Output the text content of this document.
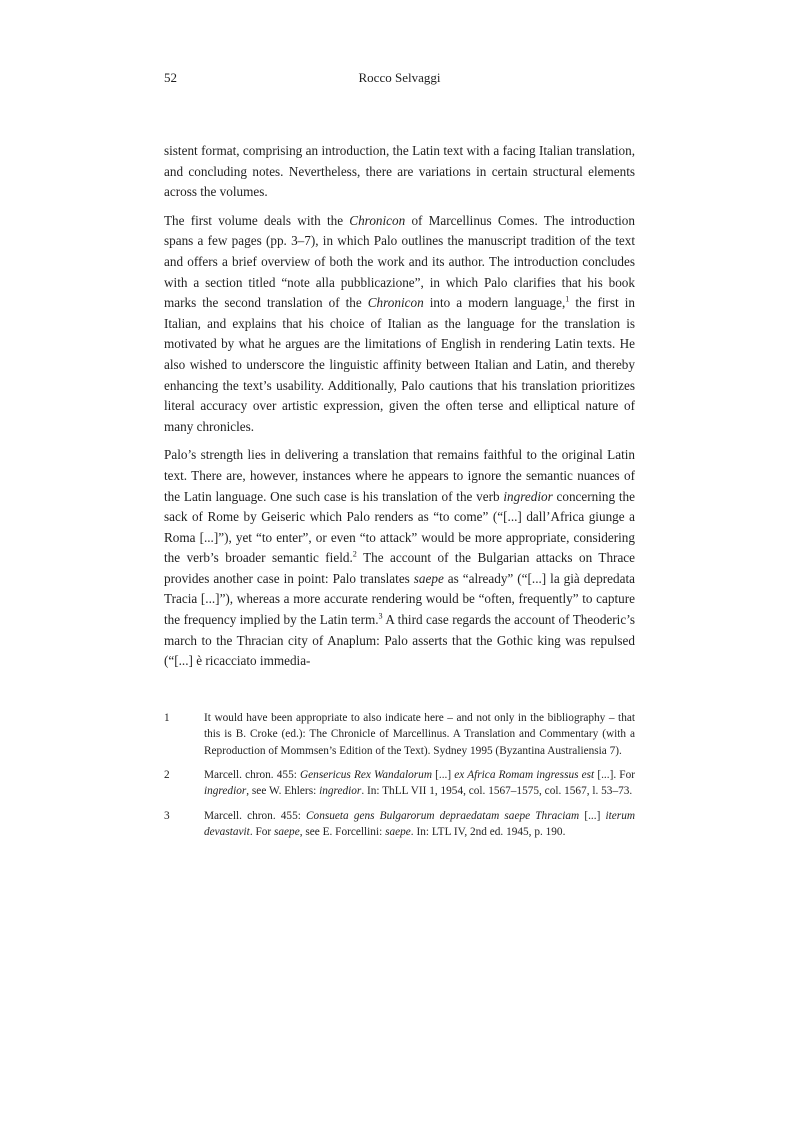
52	Rocco Selvaggi

sistent format, comprising an introduction, the Latin text with a facing Italian translation, and concluding notes. Nevertheless, there are variations in certain structural elements across the volumes.

The first volume deals with the Chronicon of Marcellinus Comes. The introduction spans a few pages (pp. 3–7), in which Palo outlines the manuscript tradition of the text and offers a brief overview of both the work and its author. The introduction concludes with a section titled “note alla pubblicazione”, in which Palo clarifies that his book marks the second translation of the Chronicon into a modern language,$^1$ the first in Italian, and explains that his choice of Italian as the language for the translation is motivated by what he argues are the limitations of English in rendering Latin texts. He also wished to underscore the linguistic affinity between Italian and Latin, and thereby enhancing the text’s usability. Additionally, Palo cautions that his translation prioritizes literal accuracy over artistic expression, given the often terse and elliptical nature of many chronicles.

Palo’s strength lies in delivering a translation that remains faithful to the original Latin text. There are, however, instances where he appears to ignore the semantic nuances of the Latin language. One such case is his translation of the verb ingredior concerning the sack of Rome by Geiseric which Palo renders as “to come” (“[...] dall’Africa giunge a Roma [...]”), yet “to enter”, or even “to attack” would be more appropriate, considering the verb’s broader semantic field.$^2$ The account of the Bulgarian attacks on Thrace provides another case in point: Palo translates saepe as “already” (“[...] la già depredata Tracia [...]”), whereas a more accurate rendering would be “often, frequently” to capture the frequency implied by the Latin term.$^3$ A third case regards the account of Theoderic’s march to the Thracian city of Anaplum: Palo asserts that the Gothic king was repulsed (“[...] è ricacciato immedia-

1	It would have been appropriate to also indicate here – and not only in the bibliography – that this is B. Croke (ed.): The Chronicle of Marcellinus. A Translation and Commentary (with a Reproduction of Mommsen’s Edition of the Text). Sydney 1995 (Byzantina Australiensia 7).
2	Marcell. chron. 455: Gensericus Rex Wandalorum [...] ex Africa Romam ingressus est [...]. For ingredior, see W. Ehlers: ingredior. In: ThLL VII 1, 1954, col. 1567–1575, col. 1567, l. 53–73.
3	Marcell. chron. 455: Consueta gens Bulgarorum depraedatam saepe Thraciam [...] iterum devastavit. For saepe, see E. Forcellini: saepe. In: LTL IV, 2nd ed. 1945, p. 190.
